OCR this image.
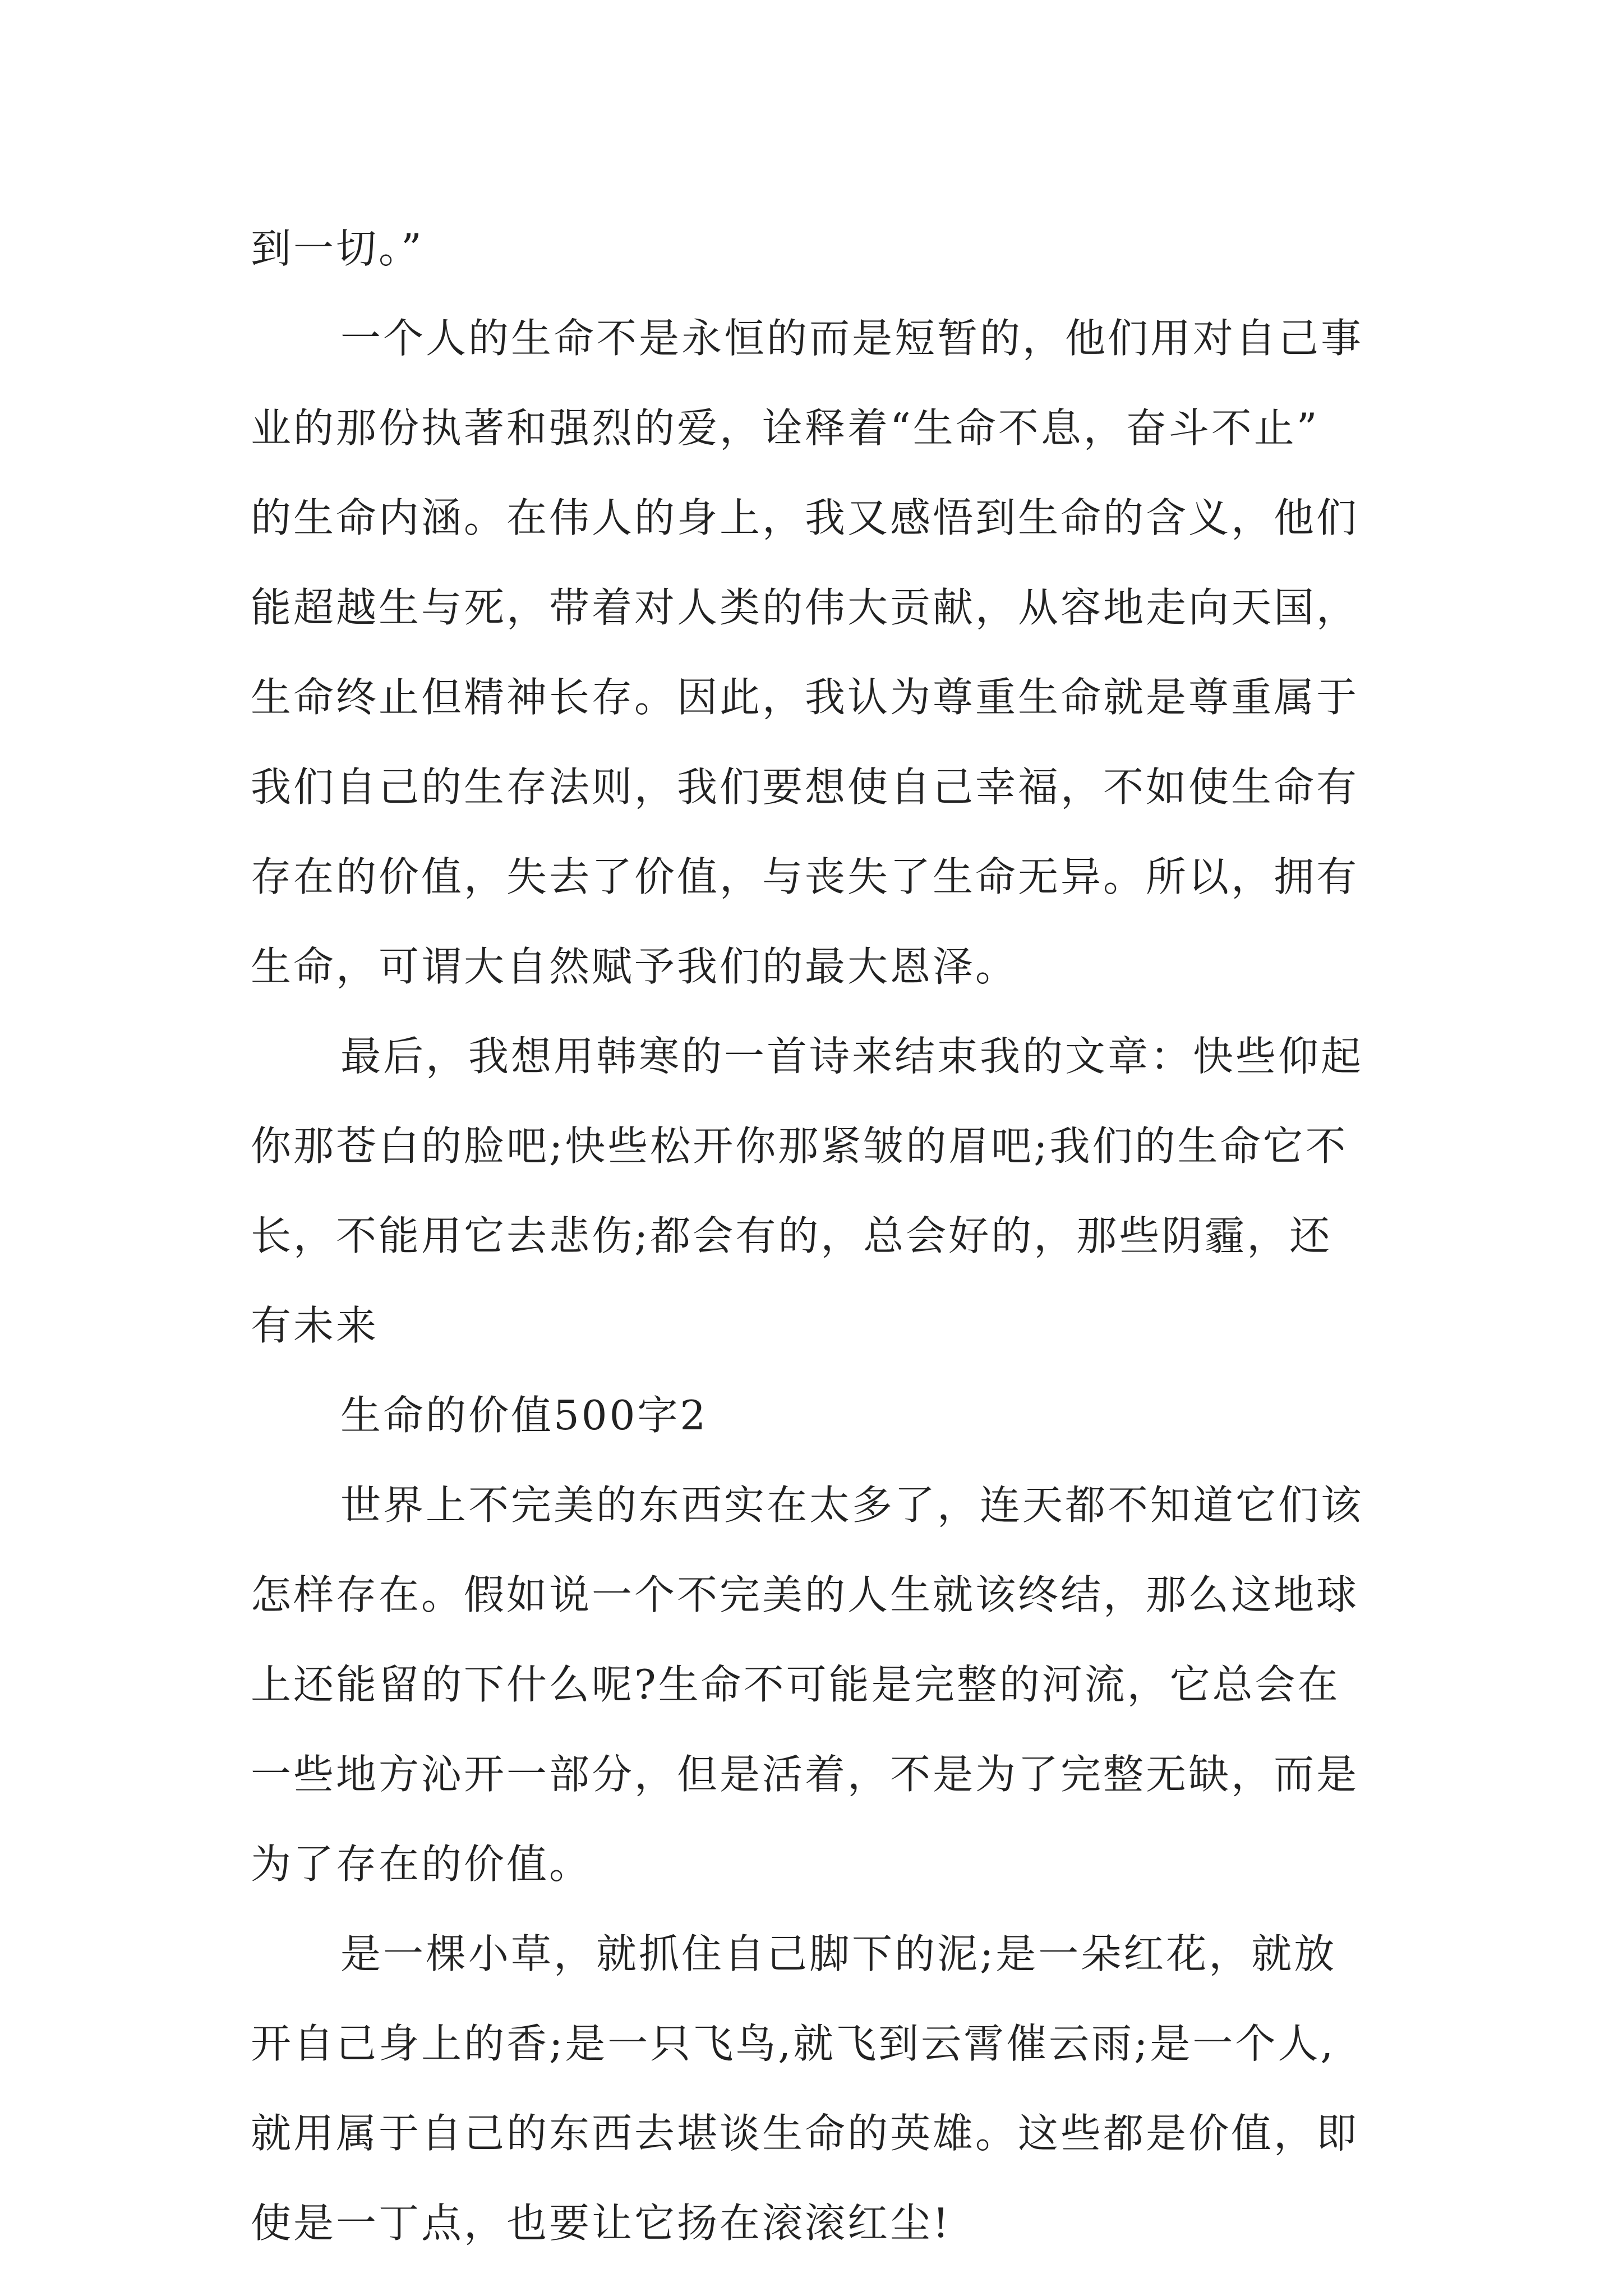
到一切。”
一个人的生命不是永恒的而是短暂的，他们用对自己事
业的那份执著和强烈的爱，诠释着“生命不息，奋斗不止”
的生命内涵。在伟人的身上，我又感悟到生命的含义，他们
能超越生与死，带着对人类的伟大贡献，从容地走向天国，
生命终止但精神长存。因此，我认为尊重生命就是尊重属于
我们自己的生存法则，我们要想使自己幸福，不如使生命有
存在的价值，失去了价值，与丧失了生命无异。所以，拥有
生命，可谓大自然赋予我们的最大恩泽。
最后，我想用韩寒的一首诗来结束我的文章：快些仰起
你那苍白的脸吧;快些松开你那紧皱的眉吧;我们的生命它不
长，不能用它去悲伤;都会有的，总会好的，那些阴霾，还
有未来
生命的价值500字2
世界上不完美的东西实在太多了，连天都不知道它们该
怎样存在。假如说一个不完美的人生就该终结，那么这地球
上还能留的下什么呢?生命不可能是完整的河流，它总会在
一些地方沁开一部分，但是活着，不是为了完整无缺，而是
为了存在的价值。
是一棵小草，就抓住自己脚下的泥;是一朵红花，就放
开自己身上的香;是一只飞鸟,就飞到云霄催云雨;是一个人,
就用属于自己的东西去堪谈生命的英雄。这些都是价值，即
使是一丁点，也要让它扬在滚滚红尘!
